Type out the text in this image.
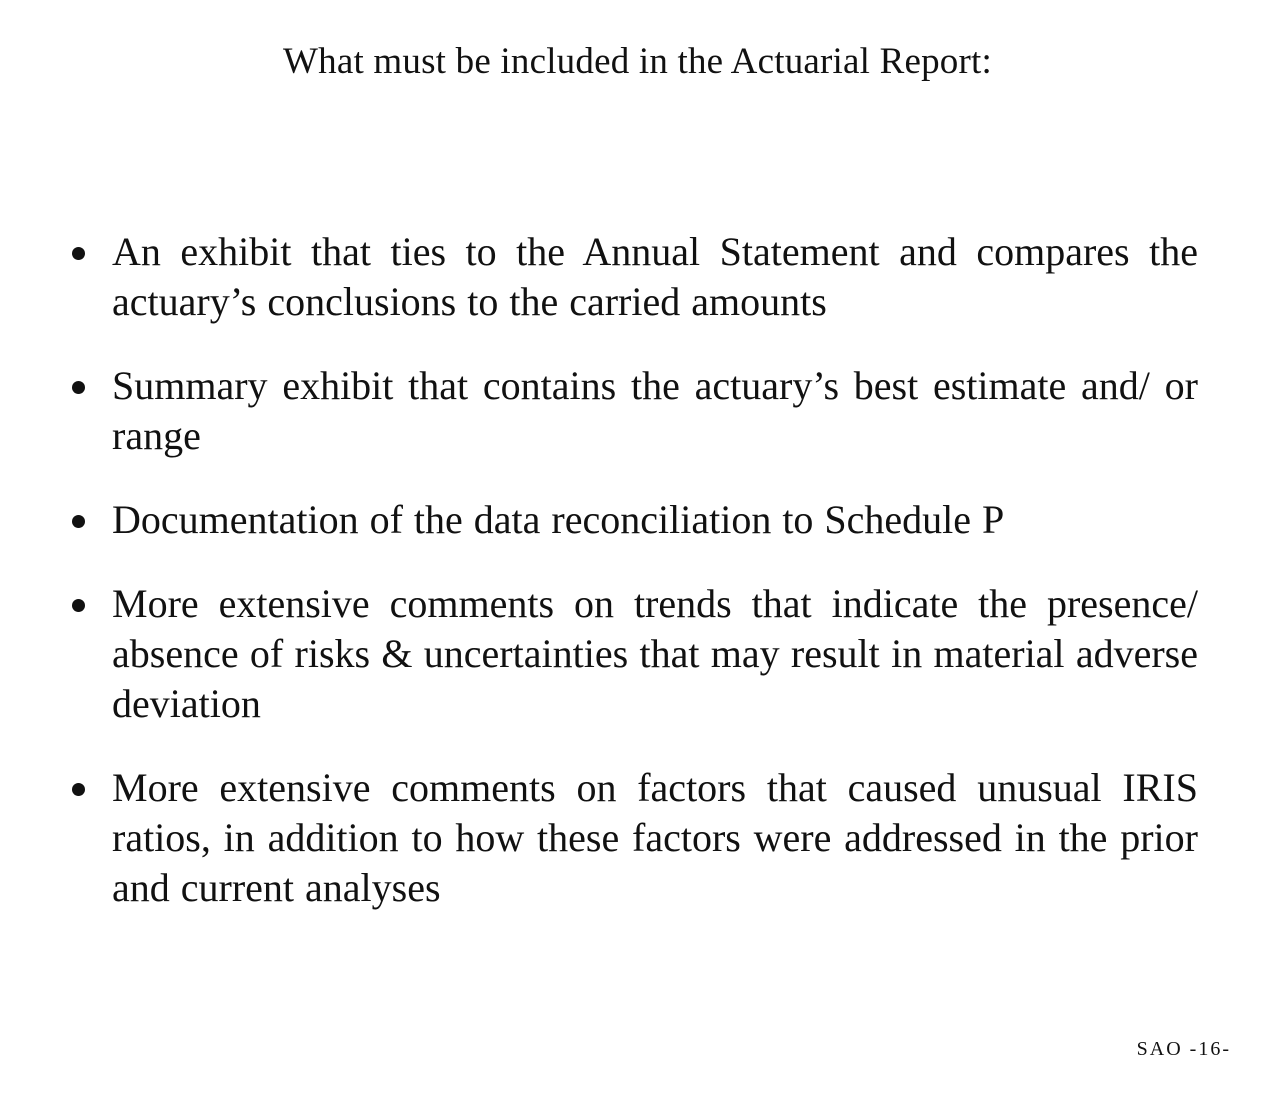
What must be included in the Actuarial Report:
An exhibit that ties to the Annual Statement and compares the actuary’s conclusions to the carried amounts
Summary exhibit that contains the actuary’s best estimate and/ or range
Documentation of the data reconciliation to Schedule P
More extensive comments on trends that indicate the presence/ absence of risks & uncertainties that may result in material adverse deviation
More extensive comments on factors that caused unusual IRIS ratios, in addition to how these factors were addressed in the prior and current analyses
SAO -16-
